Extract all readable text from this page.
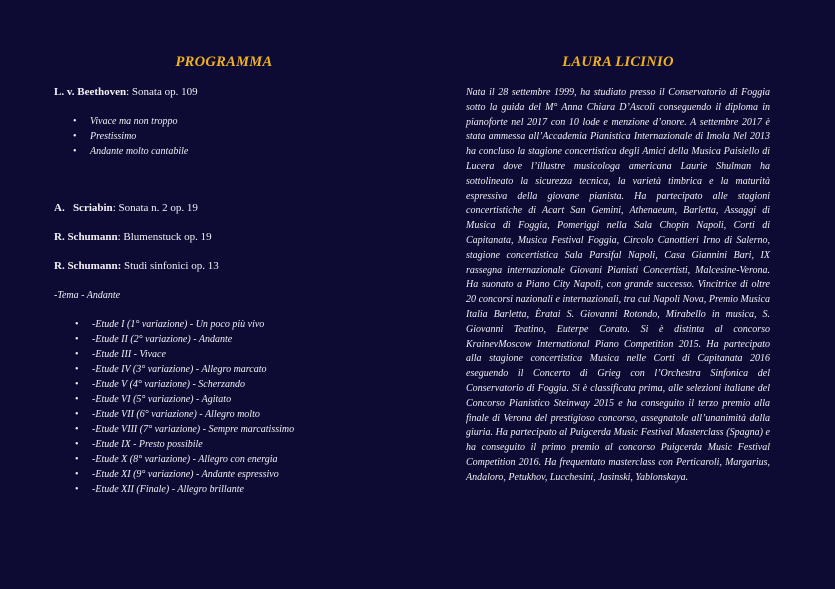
PROGRAMMA
L. v. Beethoven: Sonata op. 109
• Vivace ma non troppo
• Prestissimo
• Andante molto cantabile
A.   Scriabin: Sonata n. 2 op. 19
R. Schumann: Blumenstuck op. 19
R. Schumann: Studi sinfonici op. 13
-Tema - Andante
• -Etude I (1° variazione) - Un poco più vivo
• -Etude II (2° variazione) - Andante
• -Etude III - Vivace
• -Etude IV (3° variazione) - Allegro marcato
• -Etude V (4° variazione) - Scherzando
• -Etude VI (5° variazione) - Agitato
• -Etude VII (6° variazione) - Allegro molto
• -Etude VIII (7° variazione) - Sempre marcatissimo
• -Etude IX - Presto possibile
• -Etude X (8° variazione) - Allegro con energia
• -Etude XI (9° variazione) - Andante espressivo
• -Etude XII (Finale) - Allegro brillante
LAURA LICINIO

Nata il 28 settembre 1999, ha studiato presso il Conservatorio di Foggia sotto la guida del M° Anna Chiara D’Ascoli conseguendo il diploma in pianoforte nel 2017 con 10 lode e menzione d’onore. A settembre 2017 è stata ammessa all’Accademia Pianistica Internazionale di Imola Nel 2013 ha concluso la stagione concertistica degli Amici della Musica Paisiello di Lucera dove l’illustre musicologa americana Laurie Shulman ha sottolineato la sicurezza tecnica, la varietà timbrica e la maturità espressiva della giovane pianista. Ha partecipato alle stagioni concertistiche di Acart San Gemini, Athenaeum, Barletta, Assaggi di Musica di Foggia, Pomeriggi nella Sala Chopin Napoli, Corti di Capitanata, Musica Festival Foggia, Circolo Canottieri Irno di Salerno, stagione concertistica Sala Parsifal Napoli, Casa Giannini Bari, IX rassegna internazionale Giovani Pianisti Concertisti, Malcesine-Verona. Ha suonato a Piano City Napoli, con grande successo. Vincitrice di oltre 20 concorsi nazionali e internazionali, tra cui Napoli Nova, Premio Musica Italia Barletta, Èratai S. Giovanni Rotondo, Mirabello in musica, S. Giovanni Teatino, Euterpe Corato. Si è distinta al concorso KrainevMoscow International Piano Competition 2015. Ha partecipato alla stagione concertistica Musica nelle Corti di Capitanata 2016 eseguendo il Concerto di Grieg con l’Orchestra Sinfonica del Conservatorio di Foggia. Si è classificata prima, alle selezioni italiane del Concorso Pianistico Steinway 2015 e ha conseguito il terzo premio alla finale di Verona del prestigioso concorso, assegnatole all’unanimità dalla giuria. Ha partecipato al Puigcerda Music Festival Masterclass (Spagna) e ha conseguito il primo premio al concorso Puigcerda Music Festival Competition 2016. Ha frequentato masterclass con Perticaroli, Margarius, Andaloro, Petukhov, Lucchesini, Jasinski, Yablonskaya.
